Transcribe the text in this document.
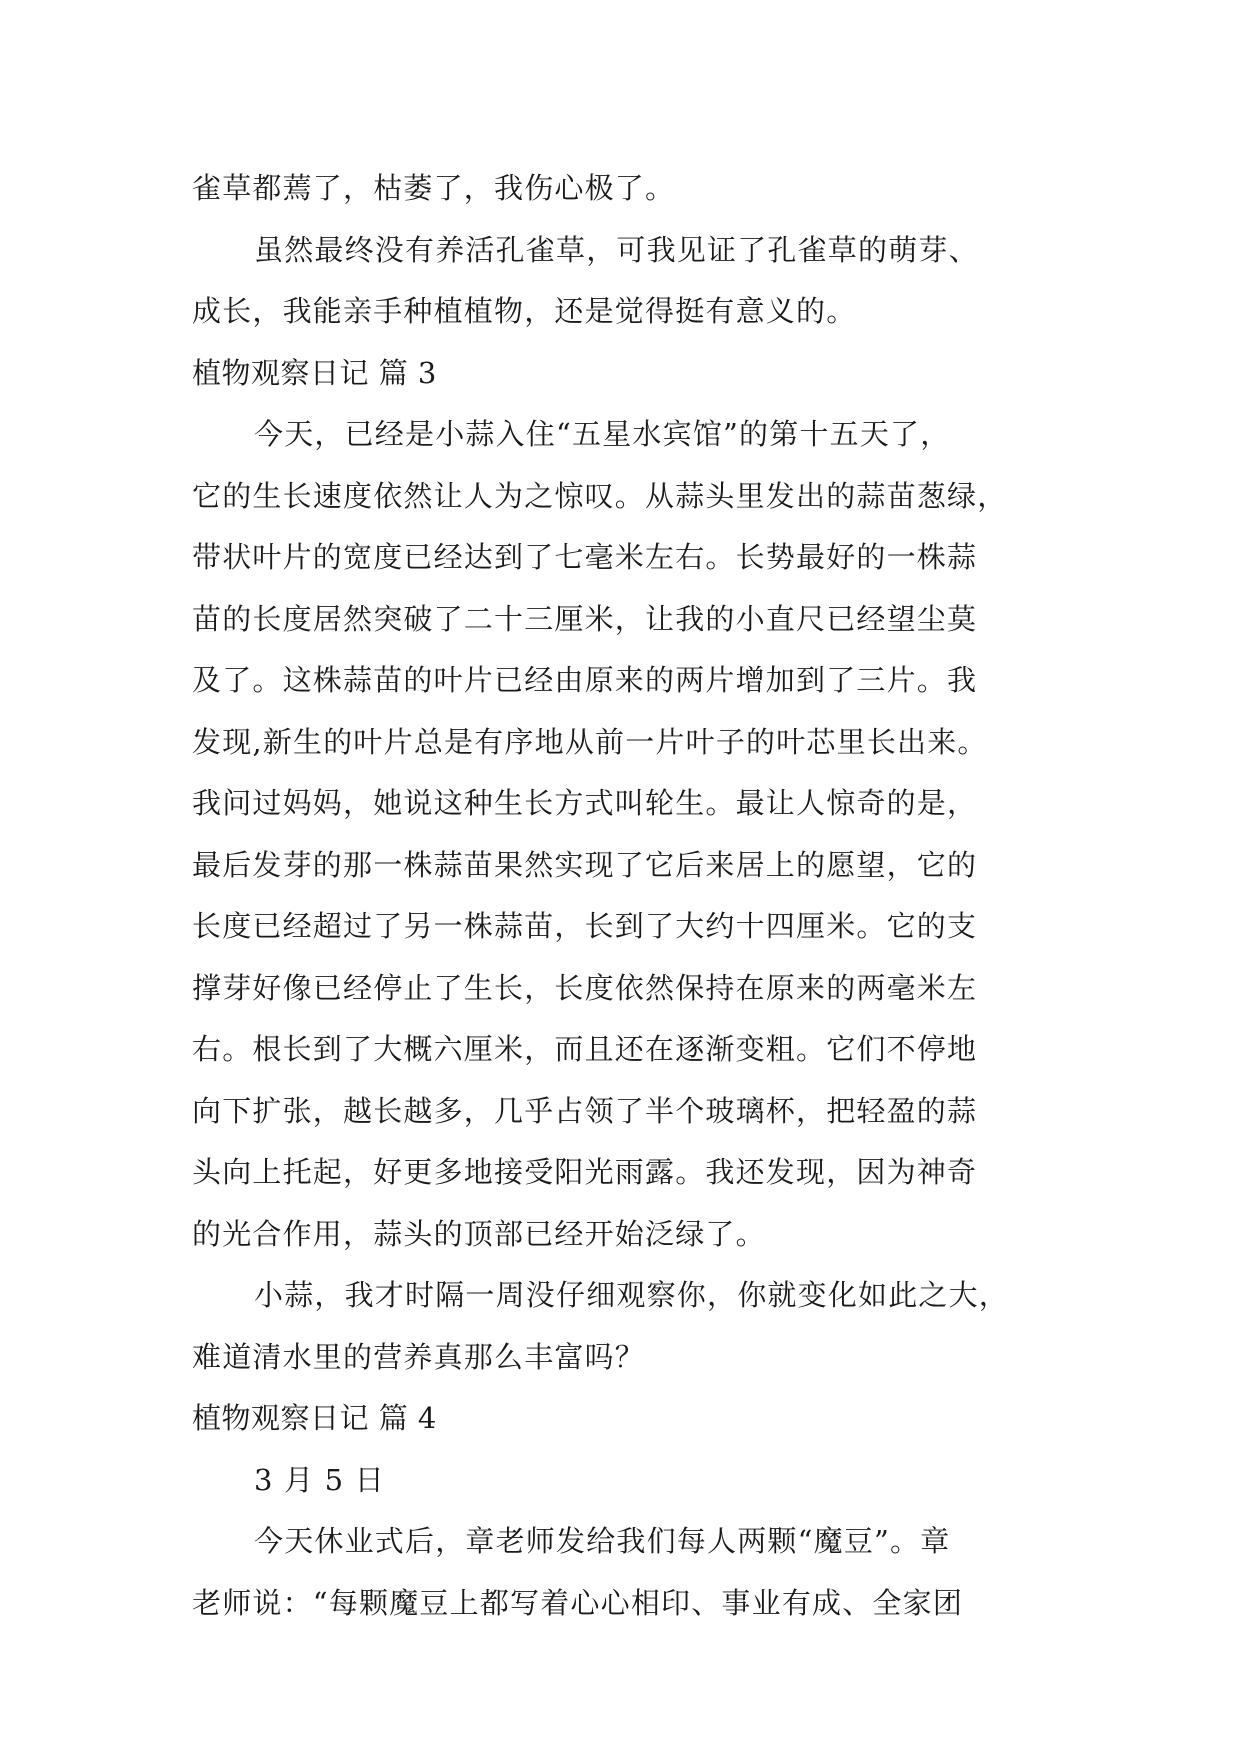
雀草都蔫了，枯萎了，我伤心极了。
虽然最终没有养活孔雀草，可我见证了孔雀草的萌芽、
成长，我能亲手种植植物，还是觉得挺有意义的。
植物观察日记 篇 3
今天，已经是小蒜入住“五星水宾馆”的第十五天了，
它的生长速度依然让人为之惊叹。从蒜头里发出的蒜苗葱绿，
带状叶片的宽度已经达到了七毫米左右。长势最好的一株蒜
苗的长度居然突破了二十三厘米，让我的小直尺已经望尘莫
及了。这株蒜苗的叶片已经由原来的两片增加到了三片。我
发现,新生的叶片总是有序地从前一片叶子的叶芯里长出来。
我问过妈妈，她说这种生长方式叫轮生。最让人惊奇的是，
最后发芽的那一株蒜苗果然实现了它后来居上的愿望，它的
长度已经超过了另一株蒜苗，长到了大约十四厘米。它的支
撑芽好像已经停止了生长，长度依然保持在原来的两毫米左
右。根长到了大概六厘米，而且还在逐渐变粗。它们不停地
向下扩张，越长越多，几乎占领了半个玻璃杯，把轻盈的蒜
头向上托起，好更多地接受阳光雨露。我还发现，因为神奇
的光合作用，蒜头的顶部已经开始泛绿了。
小蒜，我才时隔一周没仔细观察你，你就变化如此之大，
难道清水里的营养真那么丰富吗？
植物观察日记 篇 4
3 月 5 日
今天休业式后，章老师发给我们每人两颗“魔豆”。章
老师说：“每颗魔豆上都写着心心相印、事业有成、全家团
